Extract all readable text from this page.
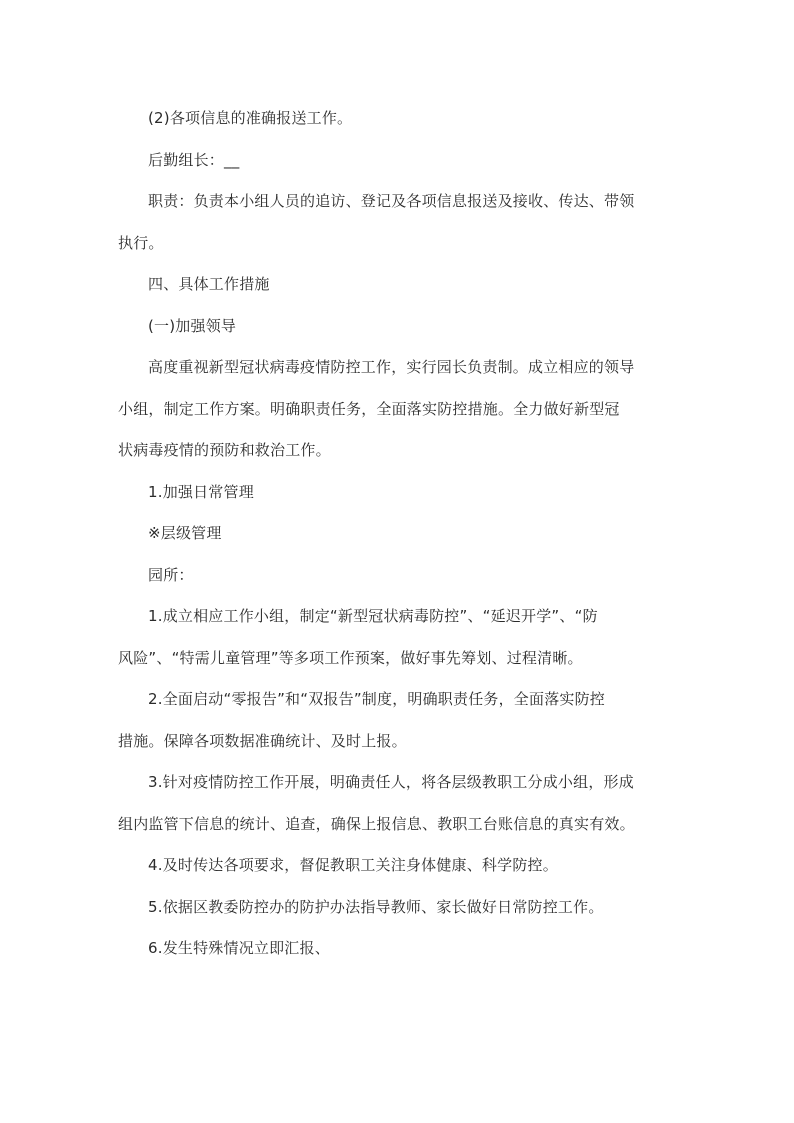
(2)各项信息的准确报送工作。
后勤组长：__
职责：负责本小组人员的追访、登记及各项信息报送及接收、传达、带领
执行。
四、具体工作措施
(一)加强领导
高度重视新型冠状病毒疫情防控工作，实行园长负责制。成立相应的领导
小组，制定工作方案。明确职责任务，全面落实防控措施。全力做好新型冠
状病毒疫情的预防和救治工作。
1.加强日常管理
※层级管理
园所：
1.成立相应工作小组，制定“新型冠状病毒防控”、“延迟开学”、“防
风险”、“特需儿童管理”等多项工作预案，做好事先筹划、过程清晰。
2.全面启动“零报告”和“双报告”制度，明确职责任务，全面落实防控
措施。保障各项数据准确统计、及时上报。
3.针对疫情防控工作开展，明确责任人，将各层级教职工分成小组，形成
组内监管下信息的统计、追查，确保上报信息、教职工台账信息的真实有效。
4.及时传达各项要求，督促教职工关注身体健康、科学防控。
5.依据区教委防控办的防护办法指导教师、家长做好日常防控工作。
6.发生特殊情况立即汇报、
